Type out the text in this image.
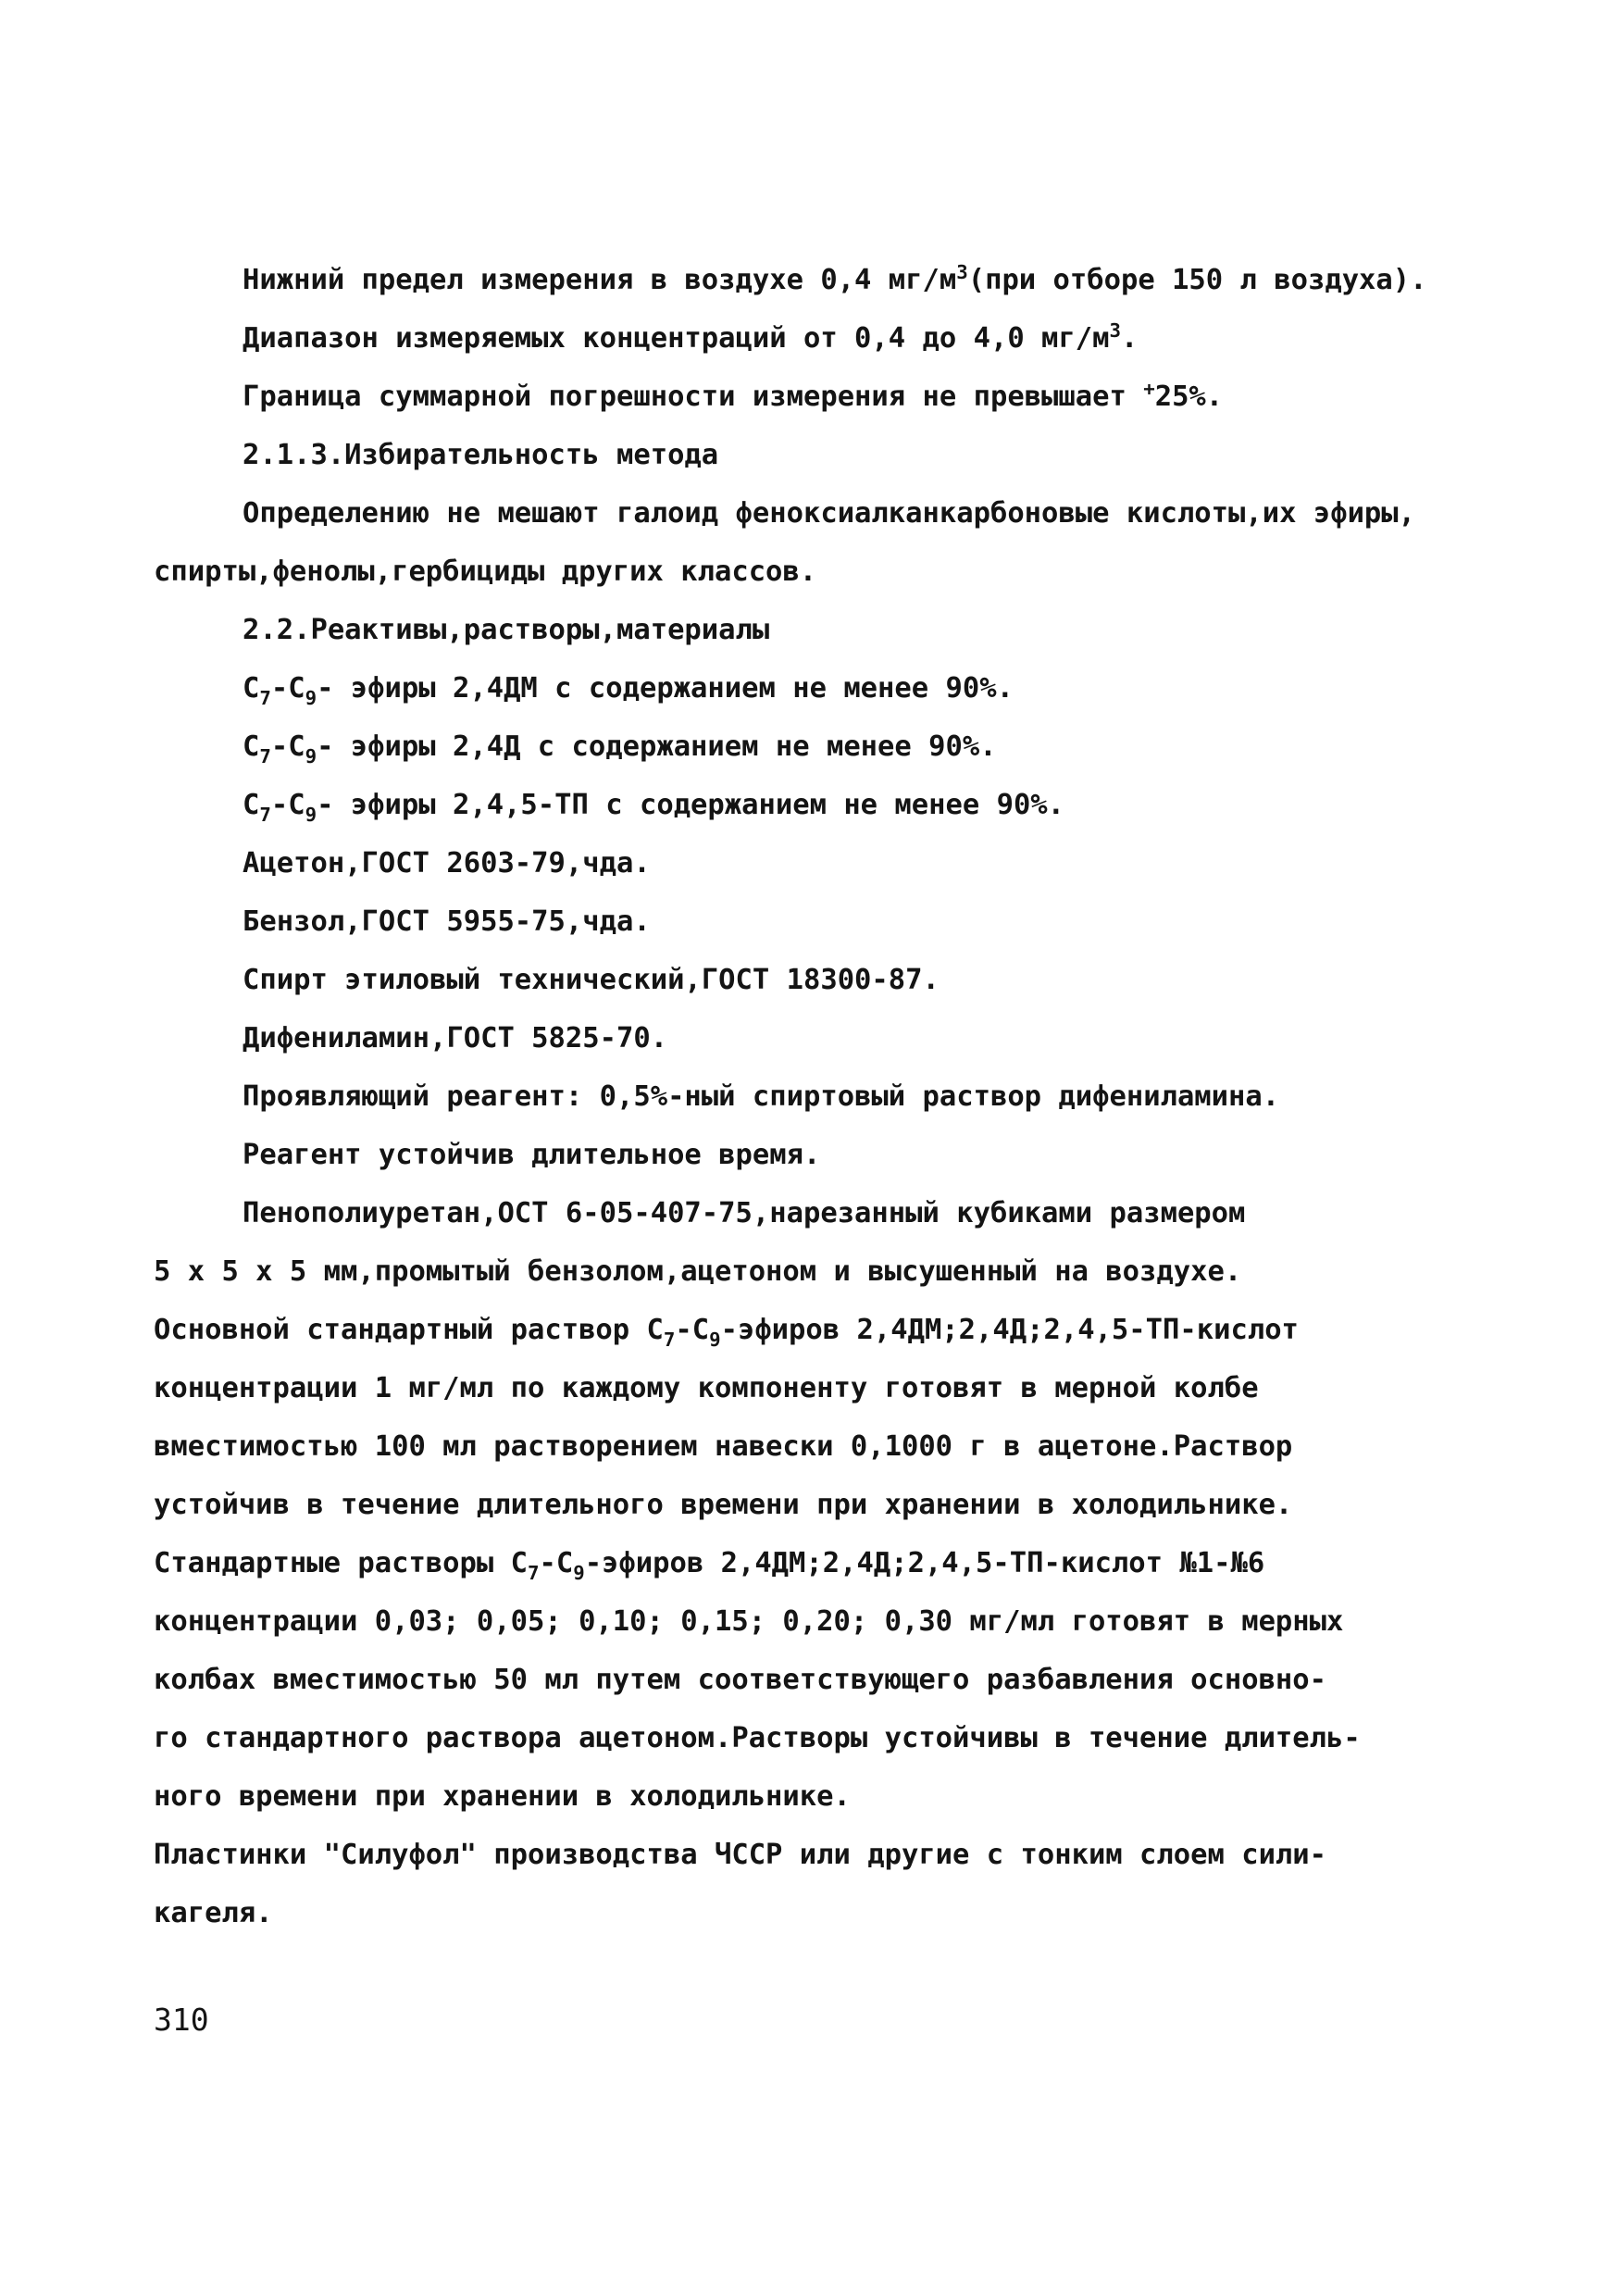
Нижний предел измерения в воздухе 0,4 $мг/м^3(при$ отборе 150 л воздуха).
Диапазон измеряемых концентраций от 0,4 до 4,0 $мг/м^3$.
Граница суммарной погрешности измерения не превышает +25%.
2.1.3.Избирательность метода
Определению не мешают галоид феноксиалканкарбоновые кислоты,их эфиры,
спирты,фенолы,гербициды других классов.
2.2.Реактивы,растворы,материалы
$C_7-C_9-$ эфиры 2,4ДМ с содержанием не менее 90%.
$C_7-C_9-$ эфиры 2,4Д с содержанием не менее 90%.
$C_7-C_9-$ эфиры 2,4,5-ТП с содержанием не менее 90%.
Ацетон,ГОСТ 2603-79,чда.
Бензол,ГОСТ 5955-75,чда.
Спирт этиловый технический,ГОСТ 18300-87.
Дифениламин,ГОСТ 5825-70.
Проявляющий реагент: 0,5%-ный спиртовый раствор дифениламина.
Реагент устойчив длительное время.
Пенополиуретан,ОСТ 6-05-407-75,нарезанный кубиками размером
5 x 5 x 5 мм,промытый бензолом,ацетоном и высушенный на воздухе.
Основной стандартный раствор $C_7-C_9$-эфиров 2,4ДМ;2,4Д;2,4,5-ТП-кислот
концентрации 1 мг/мл по каждому компоненту готовят в мерной колбе
вместимостью 100 мл растворением навески 0,1000 г в ацетоне.Раствор
устойчив в течение длительного времени при хранении в холодильнике.
Стандартные растворы $C_7-C_9$-эфиров 2,4ДМ;2,4Д;2,4,5-ТП-кислот №1-№6
концентрации 0,03; 0,05; 0,10; 0,15; 0,20; 0,30 мг/мл готовят в мерных
колбах вместимостью 50 мл путем соответствующего разбавления основно-
го стандартного раствора ацетоном.Растворы устойчивы в течение длитель-
ного времени при хранении в холодильнике.
Пластинки "Силуфол" производства ЧССР или другие с тонким слоем сили-
кагеля.
310
